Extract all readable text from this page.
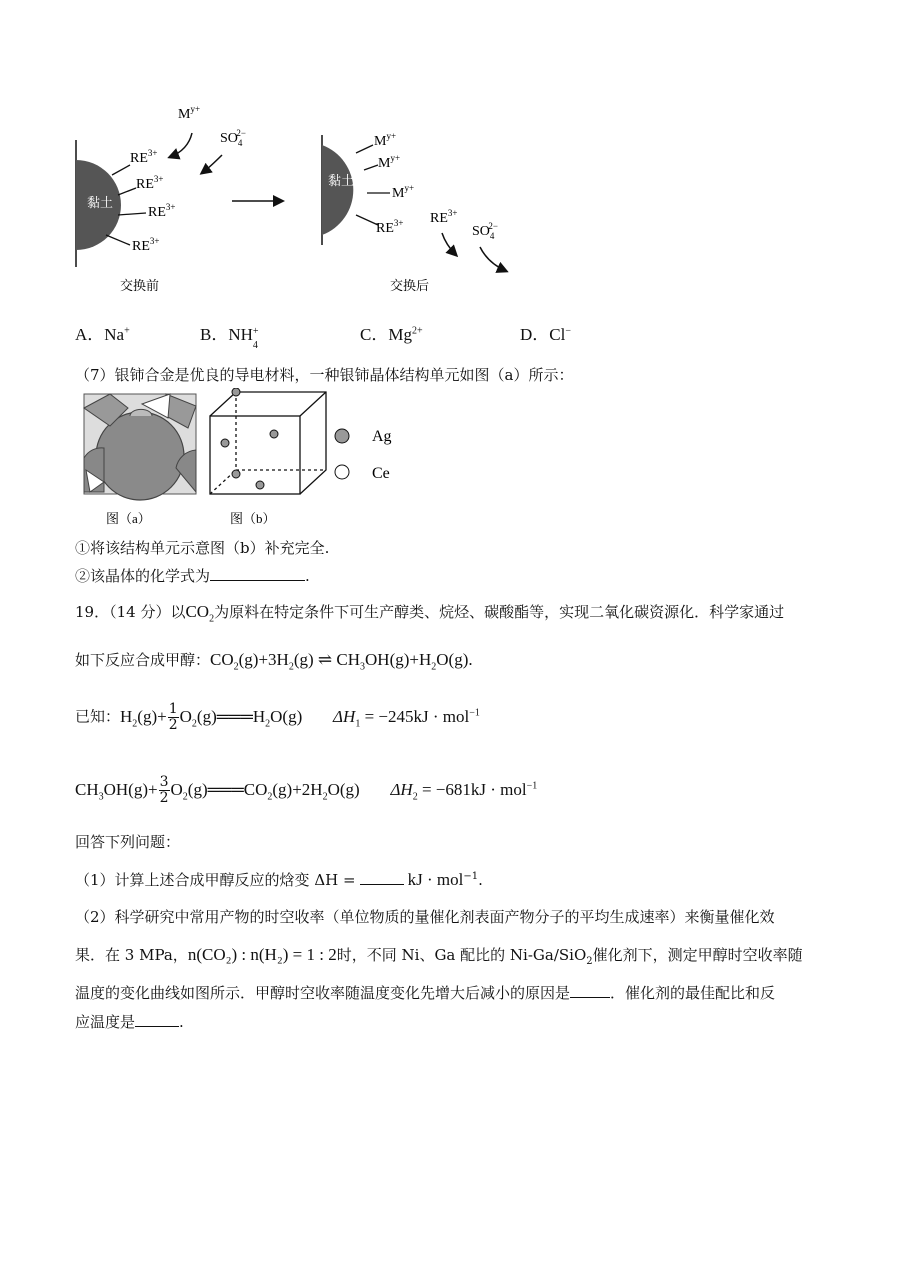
黏土
$RE^{3+}$
$RE^{3+}$
$RE^{3+}$
$RE^{3+}$
$M^{y+}$
$SO_42-$
交换前
黏土
$M^{y+}$
$M^{y+}$
$M^{y+}$
$RE^{3+}$ $RE^{3+}$
$SO_42-$
交换后
A．Na+	B．NH +
4
C．$Mg^{2+}$	D．Cl−
（7）银铈合金是优良的导电材料，一种银铈晶体结构单元如图（a）所示：
图（a）	图（b）
Ag
Ce
①将该结构单元示意图（b）补充完全.
②该晶体的化学式为	.
19．（14 分）以$CO_2$为原料在特定条件下可生产醇类、烷烃、碳酸酯等，实现二氧化碳资源化．科学家通过
如下反应合成甲醇：$CO_2(g)+3H_2(g)$ ⇌ $CH_3OH(g)+H_2O(g)$.
已知：$H_2(g)+ \frac{1}{2}$ $O_2(g)═══H_2O(g) \Delta H_1 = -245kJ \cdot mol^{-1}$
$CH_3OH(g)+ \frac{3}{2}$ $O_2(g)═══CO_2(g)+2H_2O(g) \Delta H_2 = -681kJ \cdot mol^{-1}$
回答下列问题：
（1）计算上述合成甲醇反应的焓变 ΔH =	kJ · mol$^{-1}$.
（2）科学研究中常用产物的时空收率（单位物质的量催化剂表面产物分子的平均生成速率）来衡量催化效
果．在 3 MPa，n(CO₂) : n(H₂) = 1 : 2时，不同 Ni、Ga 配比的 Ni-Ga/SiO$_2$催化剂下，测定甲醇时空收率随
温度的变化曲线如图所示．甲醇时空收率随温度变化先增大后减小的原因是	．催化剂的最佳配比和反
应温度是	.
